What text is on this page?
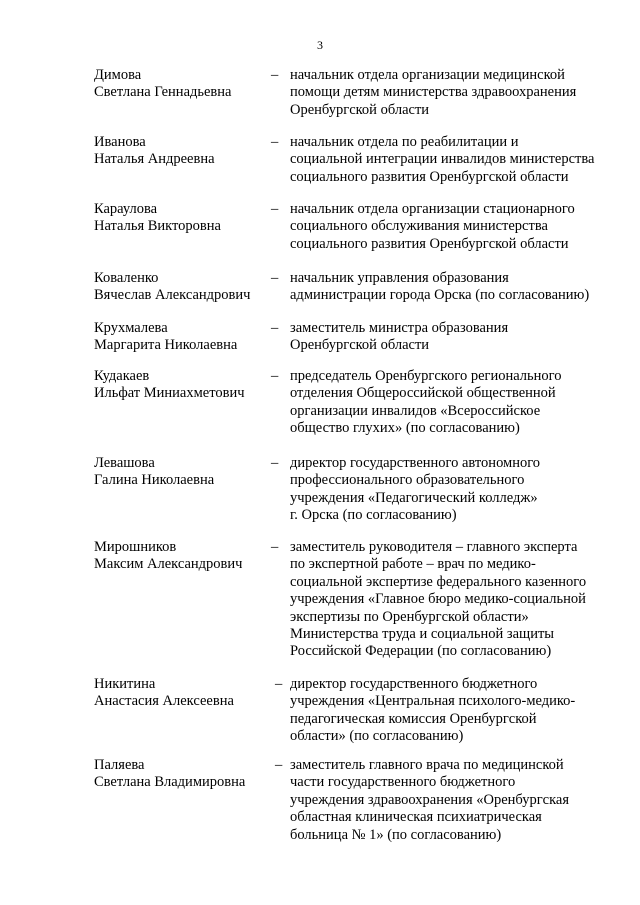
3
Димова
Светлана Геннадьевна
– начальник отдела организации медицинской
помощи детям министерства здравоохранения
Оренбургской области
Иванова
Наталья Андреевна
– начальник отдела по реабилитации и
социальной интеграции инвалидов министерства
социального развития Оренбургской области
Караулова
Наталья Викторовна
– начальник отдела организации стационарного
социального обслуживания министерства
социального развития Оренбургской области
Коваленко
Вячеслав Александрович
– начальник управления образования
администрации города Орска (по согласованию)
Крухмалева
Маргарита Николаевна
– заместитель министра образования
Оренбургской области
Кудакаев
Ильфат Миниахметович
– председатель Оренбургского регионального
отделения Общероссийской общественной
организации инвалидов «Всероссийское
общество глухих» (по согласованию)
Левашова
Галина Николаевна
– директор государственного автономного
профессионального образовательного
учреждения «Педагогический колледж»
г. Орска (по согласованию)
Мирошников
Максим Александрович
– заместитель руководителя – главного эксперта
по экспертной работе – врач по медико-
социальной экспертизе федерального казенного
учреждения «Главное бюро медико-социальной
экспертизы по Оренбургской области»
Министерства труда и социальной защиты
Российской Федерации (по согласованию)
Никитина
Анастасия Алексеевна
– директор государственного бюджетного
учреждения «Центральная психолого-медико-
педагогическая комиссия Оренбургской
области» (по согласованию)
Паляева
Светлана Владимировна
– заместитель главного врача по медицинской
части государственного бюджетного
учреждения здравоохранения «Оренбургская
областная клиническая психиатрическая
больница № 1» (по согласованию)
